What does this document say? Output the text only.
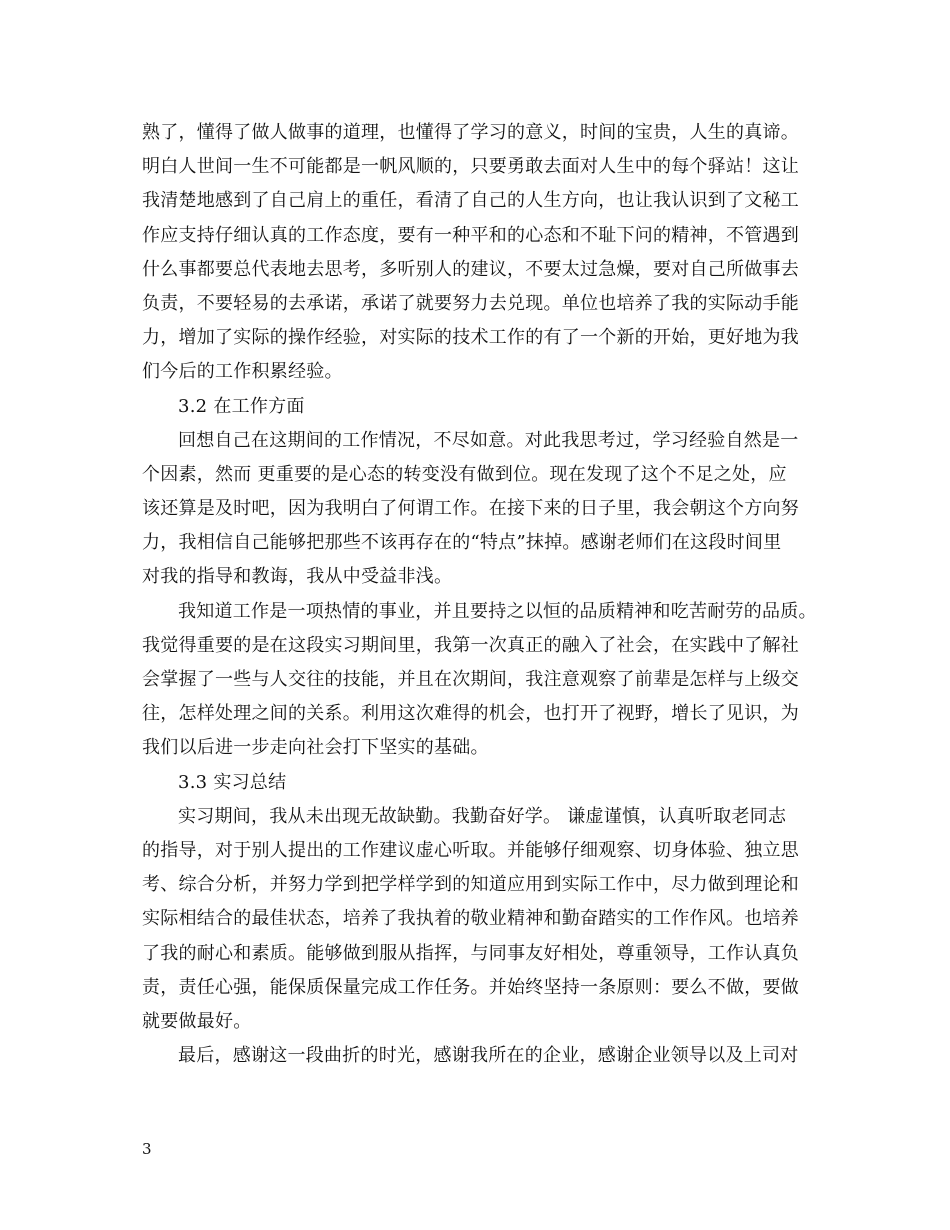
熟了，懂得了做人做事的道理，也懂得了学习的意义，时间的宝贵，人生的真谛。
明白人世间一生不可能都是一帆风顺的，只要勇敢去面对人生中的每个驿站！这让
我清楚地感到了自己肩上的重任，看清了自己的人生方向，也让我认识到了文秘工
作应支持仔细认真的工作态度，要有一种平和的心态和不耻下问的精神，不管遇到
什么事都要总代表地去思考，多听别人的建议，不要太过急燥，要对自己所做事去
负责，不要轻易的去承诺，承诺了就要努力去兑现。单位也培养了我的实际动手能
力，增加了实际的操作经验，对实际的技术工作的有了一个新的开始，更好地为我
们今后的工作积累经验。
3.2 在工作方面
回想自己在这期间的工作情况，不尽如意。对此我思考过，学习经验自然是一
个因素，然而 更重要的是心态的转变没有做到位。现在发现了这个不足之处，应
该还算是及时吧，因为我明白了何谓工作。在接下来的日子里，我会朝这个方向努
力，我相信自己能够把那些不该再存在的“特点”抹掉。感谢老师们在这段时间里
对我的指导和教诲，我从中受益非浅。
我知道工作是一项热情的事业，并且要持之以恒的品质精神和吃苦耐劳的品质。
我觉得重要的是在这段实习期间里，我第一次真正的融入了社会，在实践中了解社
会掌握了一些与人交往的技能，并且在次期间，我注意观察了前辈是怎样与上级交
往，怎样处理之间的关系。利用这次难得的机会，也打开了视野，增长了见识，为
我们以后进一步走向社会打下坚实的基础。
3.3 实习总结
实习期间，我从未出现无故缺勤。我勤奋好学。 谦虚谨慎，认真听取老同志
的指导，对于别人提出的工作建议虚心听取。并能够仔细观察、切身体验、独立思
考、综合分析，并努力学到把学样学到的知道应用到实际工作中，尽力做到理论和
实际相结合的最佳状态，培养了我执着的敬业精神和勤奋踏实的工作作风。也培养
了我的耐心和素质。能够做到服从指挥，与同事友好相处，尊重领导，工作认真负
责，责任心强，能保质保量完成工作任务。并始终坚持一条原则：要么不做，要做
就要做最好。
最后，感谢这一段曲折的时光，感谢我所在的企业，感谢企业领导以及上司对
3
